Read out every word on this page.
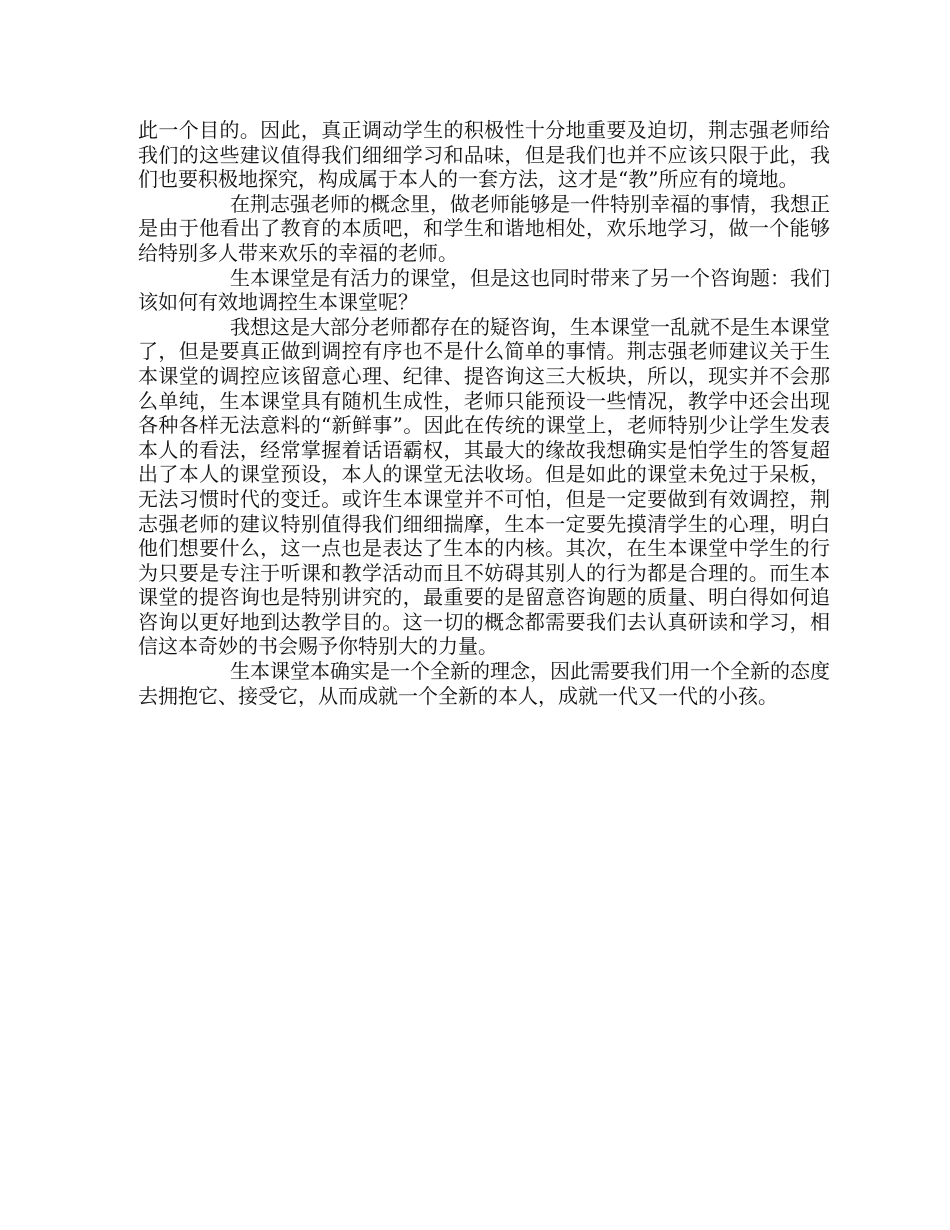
此一个目的。因此，真正调动学生的积极性十分地重要及迫切，荆志强老师给我们的这些建议值得我们细细学习和品味，但是我们也并不应该只限于此，我们也要积极地探究，构成属于本人的一套方法，这才是“教”所应有的境地。

在荆志强老师的概念里，做老师能够是一件特别幸福的事情，我想正是由于他看出了教育的本质吧，和学生和谐地相处，欢乐地学习，做一个能够给特别多人带来欢乐的幸福的老师。

生本课堂是有活力的课堂，但是这也同时带来了另一个咨询题：我们该如何有效地调控生本课堂呢？

我想这是大部分老师都存在的疑咨询，生本课堂一乱就不是生本课堂了，但是要真正做到调控有序也不是什么简单的事情。荆志强老师建议关于生本课堂的调控应该留意心理、纪律、提咨询这三大板块，所以，现实并不会那么单纯，生本课堂具有随机生成性，老师只能预设一些情况，教学中还会出现各种各样无法意料的“新鲜事”。因此在传统的课堂上，老师特别少让学生发表本人的看法，经常掌握着话语霸权，其最大的缘故我想确实是怕学生的答复超出了本人的课堂预设，本人的课堂无法收场。但是如此的课堂未免过于呆板，无法习惯时代的变迁。或许生本课堂并不可怕，但是一定要做到有效调控，荆志强老师的建议特别值得我们细细揣摩，生本一定要先摸清学生的心理，明白他们想要什么，这一点也是表达了生本的内核。其次，在生本课堂中学生的行为只要是专注于听课和教学活动而且不妨碍其别人的行为都是合理的。而生本课堂的提咨询也是特别讲究的，最重要的是留意咨询题的质量、明白得如何追咨询以更好地到达教学目的。这一切的概念都需要我们去认真研读和学习，相信这本奇妙的书会赐予你特别大的力量。

生本课堂本确实是一个全新的理念，因此需要我们用一个全新的态度去拥抱它、接受它，从而成就一个全新的本人，成就一代又一代的小孩。
